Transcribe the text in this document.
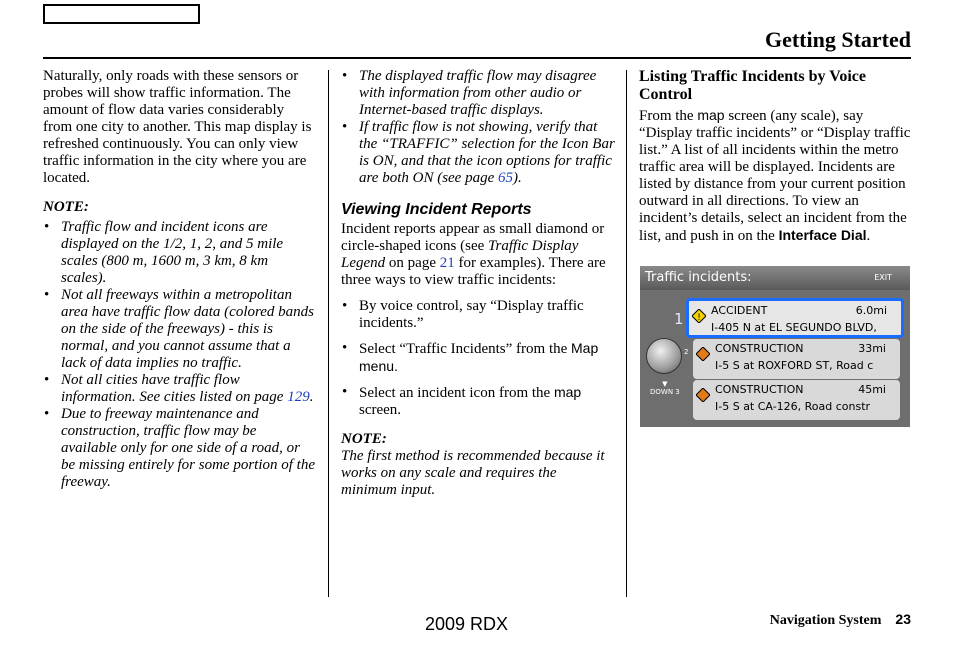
Getting Started

Naturally, only roads with these sensors or probes will show traffic information. The amount of flow data varies considerably from one city to another. This map display is refreshed continuously. You can only view traffic information in the city where you are located.

NOTE:

• Traffic flow and incident icons are displayed on the 1/2, 1, 2, and 5 mile scales (800 m, 1600 m, 3 km, 8 km scales).
• Not all freeways within a metropolitan area have traffic flow data (colored bands on the side of the freeways) - this is normal, and you cannot assume that a lack of data implies no traffic.
• Not all cities have traffic flow information. See cities listed on page 129.
• Due to freeway maintenance and construction, traffic flow may be available only for one side of a road, or be missing entirely for some portion of the freeway.
• The displayed traffic flow may disagree with information from other audio or Internet-based traffic displays.
• If traffic flow is not showing, verify that the “TRAFFIC” selection for the Icon Bar is ON, and that the icon options for traffic are both ON (see page 65).

Viewing Incident Reports

Incident reports appear as small diamond or circle-shaped icons (see Traffic Display Legend on page 21 for examples). There are three ways to view traffic incidents:

• By voice control, say “Display traffic incidents.”
• Select “Traffic Incidents” from the Map menu.
• Select an incident icon from the map screen.

NOTE:

The first method is recommended because it works on any scale and requires the minimum input.

Listing Traffic Incidents by Voice Control

From the map screen (any scale), say “Display traffic incidents” or “Display traffic list.” A list of all incidents within the metro traffic area will be displayed. Incidents are listed by distance from your current position outward in all directions. To view an incident’s details, select an incident from the list, and push in on the Interface Dial.

Traffic incidents:	EXIT
1
2
▼
DOWN 3
!
ACCIDENT	6.0mi
I-405 N at EL SEGUNDO BLVD,
CONSTRUCTION	33mi
I-5 S at ROXFORD ST, Road c
CONSTRUCTION	45mi
I-5 S at CA-126, Road constr
2009 RDX	Navigation System 23
